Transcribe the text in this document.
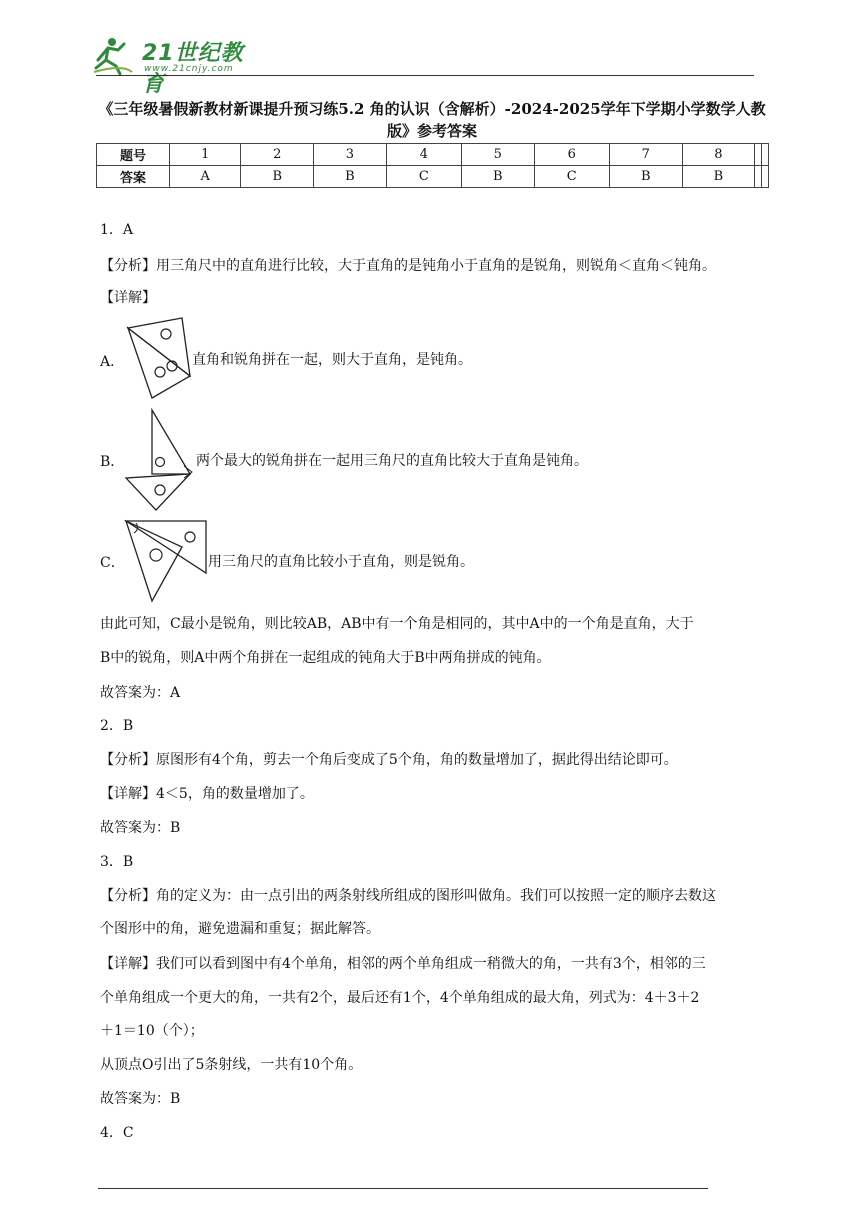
21世纪教育
www.21cnjy.com
《三年级暑假新教材新课提升预习练5.2 角的认识（含解析）-2024-2025学年下学期小学数学人教
版》参考答案
题号	1	2	3	4	5	6	7	8		
答案	A	B	B	C	B	C	B	B		
1．A
【分析】用三角尺中的直角进行比较，大于直角的是钝角小于直角的是锐角，则锐角＜直角＜钝角。
【详解】
A．	直角和锐角拼在一起，则大于直角，是钝角。
B．	两个最大的锐角拼在一起用三角尺的直角比较大于直角是钝角。
C．	用三角尺的直角比较小于直角，则是锐角。
由此可知，C最小是锐角，则比较AB，AB中有一个角是相同的，其中A中的一个角是直角，大于
B中的锐角，则A中两个角拼在一起组成的钝角大于B中两角拼成的钝角。
故答案为：A
2．B
【分析】原图形有4个角，剪去一个角后变成了5个角，角的数量增加了，据此得出结论即可。
【详解】4＜5，角的数量增加了。
故答案为：B
3．B
【分析】角的定义为：由一点引出的两条射线所组成的图形叫做角。我们可以按照一定的顺序去数这
个图形中的角，避免遗漏和重复；据此解答。
【详解】我们可以看到图中有4个单角，相邻的两个单角组成一稍微大的角，一共有3个，相邻的三
个单角组成一个更大的角，一共有2个，最后还有1个，4个单角组成的最大角，列式为：4＋3＋2
＋1＝10（个）；
从顶点O引出了5条射线，一共有10个角。
故答案为：B
4．C
